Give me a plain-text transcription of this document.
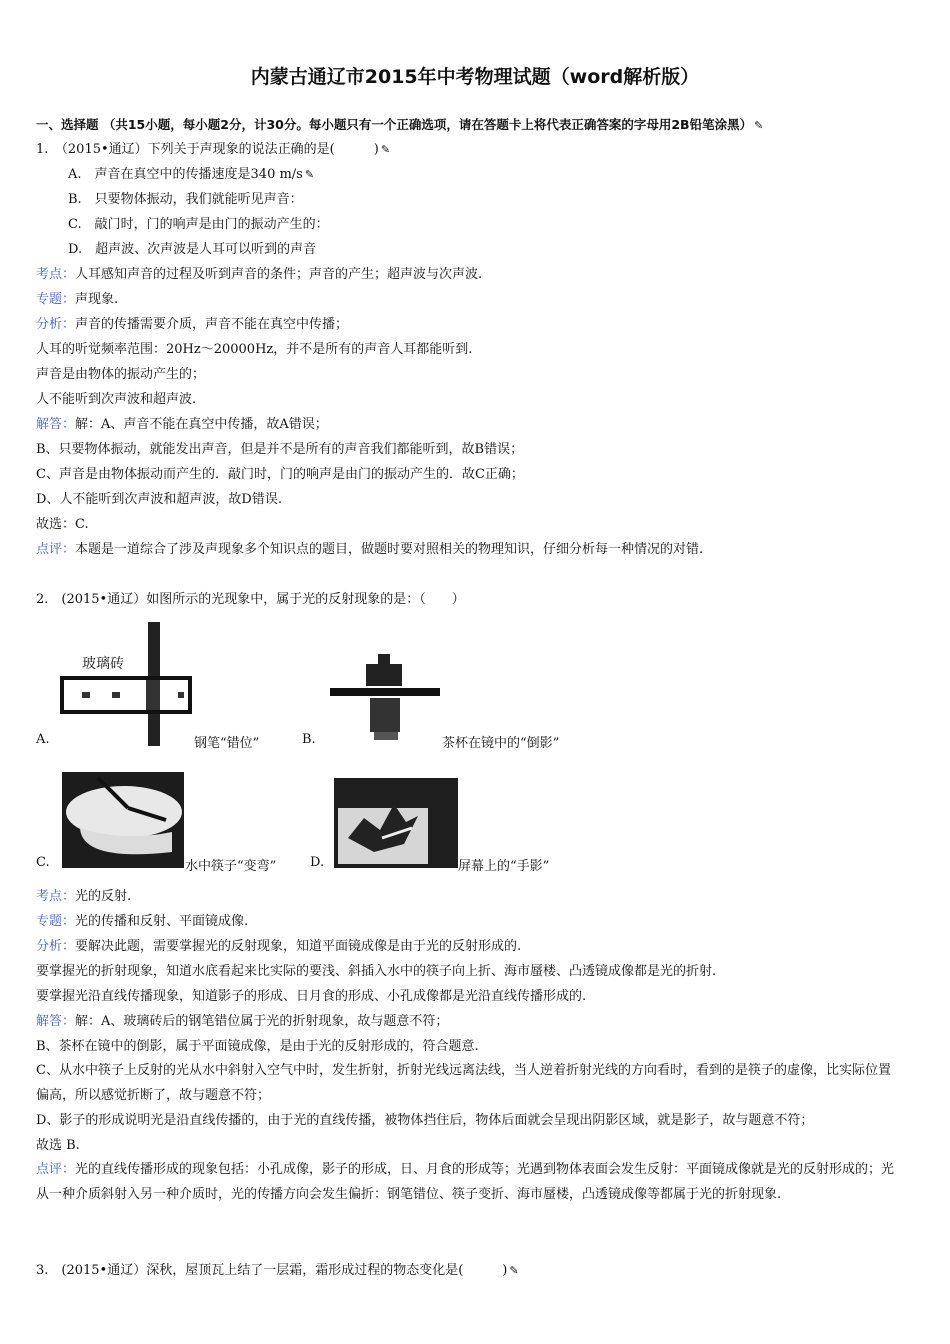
内蒙古通辽市2015年中考物理试题（word解析版）
一、选择题 （共15小题，每小题2分，计30分。每小题只有一个正确选项，请在答题卡上将代表正确答案的字母用2B铅笔涂黑） ✎
1.　（2015•通辽）下列关于声现象的说法正确的是(　　　) ✎
A.　声音在真空中的传播速度是340 m/s ✎
B.　只要物体振动，我们就能听见声音：
C.　敲门时，门的响声是由门的振动产生的：
D.　超声波、次声波是人耳可以听到的声音
考点：人耳感知声音的过程及听到声音的条件；声音的产生；超声波与次声波.
专题：声现象.
分析：声音的传播需要介质，声音不能在真空中传播；
人耳的听觉频率范围：20Hz～20000Hz，并不是所有的声音人耳都能听到.
声音是由物体的振动产生的；
人不能听到次声波和超声波.
解答：解：A、声音不能在真空中传播，故A错误；
B、只要物体振动，就能发出声音，但是并不是所有的声音我们都能听到，故B错误；
C、声音是由物体振动而产生的．敲门时，门的响声是由门的振动产生的．故C正确；
D、人不能听到次声波和超声波，故D错误.
故选：C.
点评：本题是一道综合了涉及声现象多个知识点的题目，做题时要对照相关的物理知识，仔细分析每一种情况的对错.
2.　(2015•通辽）如图所示的光现象中，属于光的反射现象的是：（　　）
玻璃砖
A.	钢笔“错位”	B.	茶杯在镜中的“倒影”
C.	水中筷子“变弯”	D.	屏幕上的“手影”
考点：光的反射.
专题：光的传播和反射、平面镜成像.
分析：要解决此题，需要掌握光的反射现象，知道平面镜成像是由于光的反射形成的.
要掌握光的折射现象，知道水底看起来比实际的要浅、斜插入水中的筷子向上折、海市蜃楼、凸透镜成像都是光的折射.
要掌握光沿直线传播现象，知道影子的形成、日月食的形成、小孔成像都是光沿直线传播形成的.
解答：解：A、玻璃砖后的钢笔错位属于光的折射现象，故与题意不符；
B、茶杯在镜中的倒影，属于平面镜成像，是由于光的反射形成的，符合题意.
C、从水中筷子上反射的光从水中斜射入空气中时，发生折射，折射光线远离法线，当人逆着折射光线的方向看时，看到的是筷子的虚像，比实际位置偏高，所以感觉折断了，故与题意不符；
D、影子的形成说明光是沿直线传播的，由于光的直线传播，被物体挡住后，物体后面就会呈现出阴影区域，就是影子，故与题意不符；
故选 B.
点评：光的直线传播形成的现象包括：小孔成像，影子的形成，日、月食的形成等；光遇到物体表面会发生反射：平面镜成像就是光的反射形成的；光从一种介质斜射入另一种介质时，光的传播方向会发生偏折：钢笔错位、筷子变折、海市蜃楼，凸透镜成像等都属于光的折射现象.
3.　(2015•通辽）深秋，屋顶瓦上结了一层霜，霜形成过程的物态变化是(　　　) ✎
